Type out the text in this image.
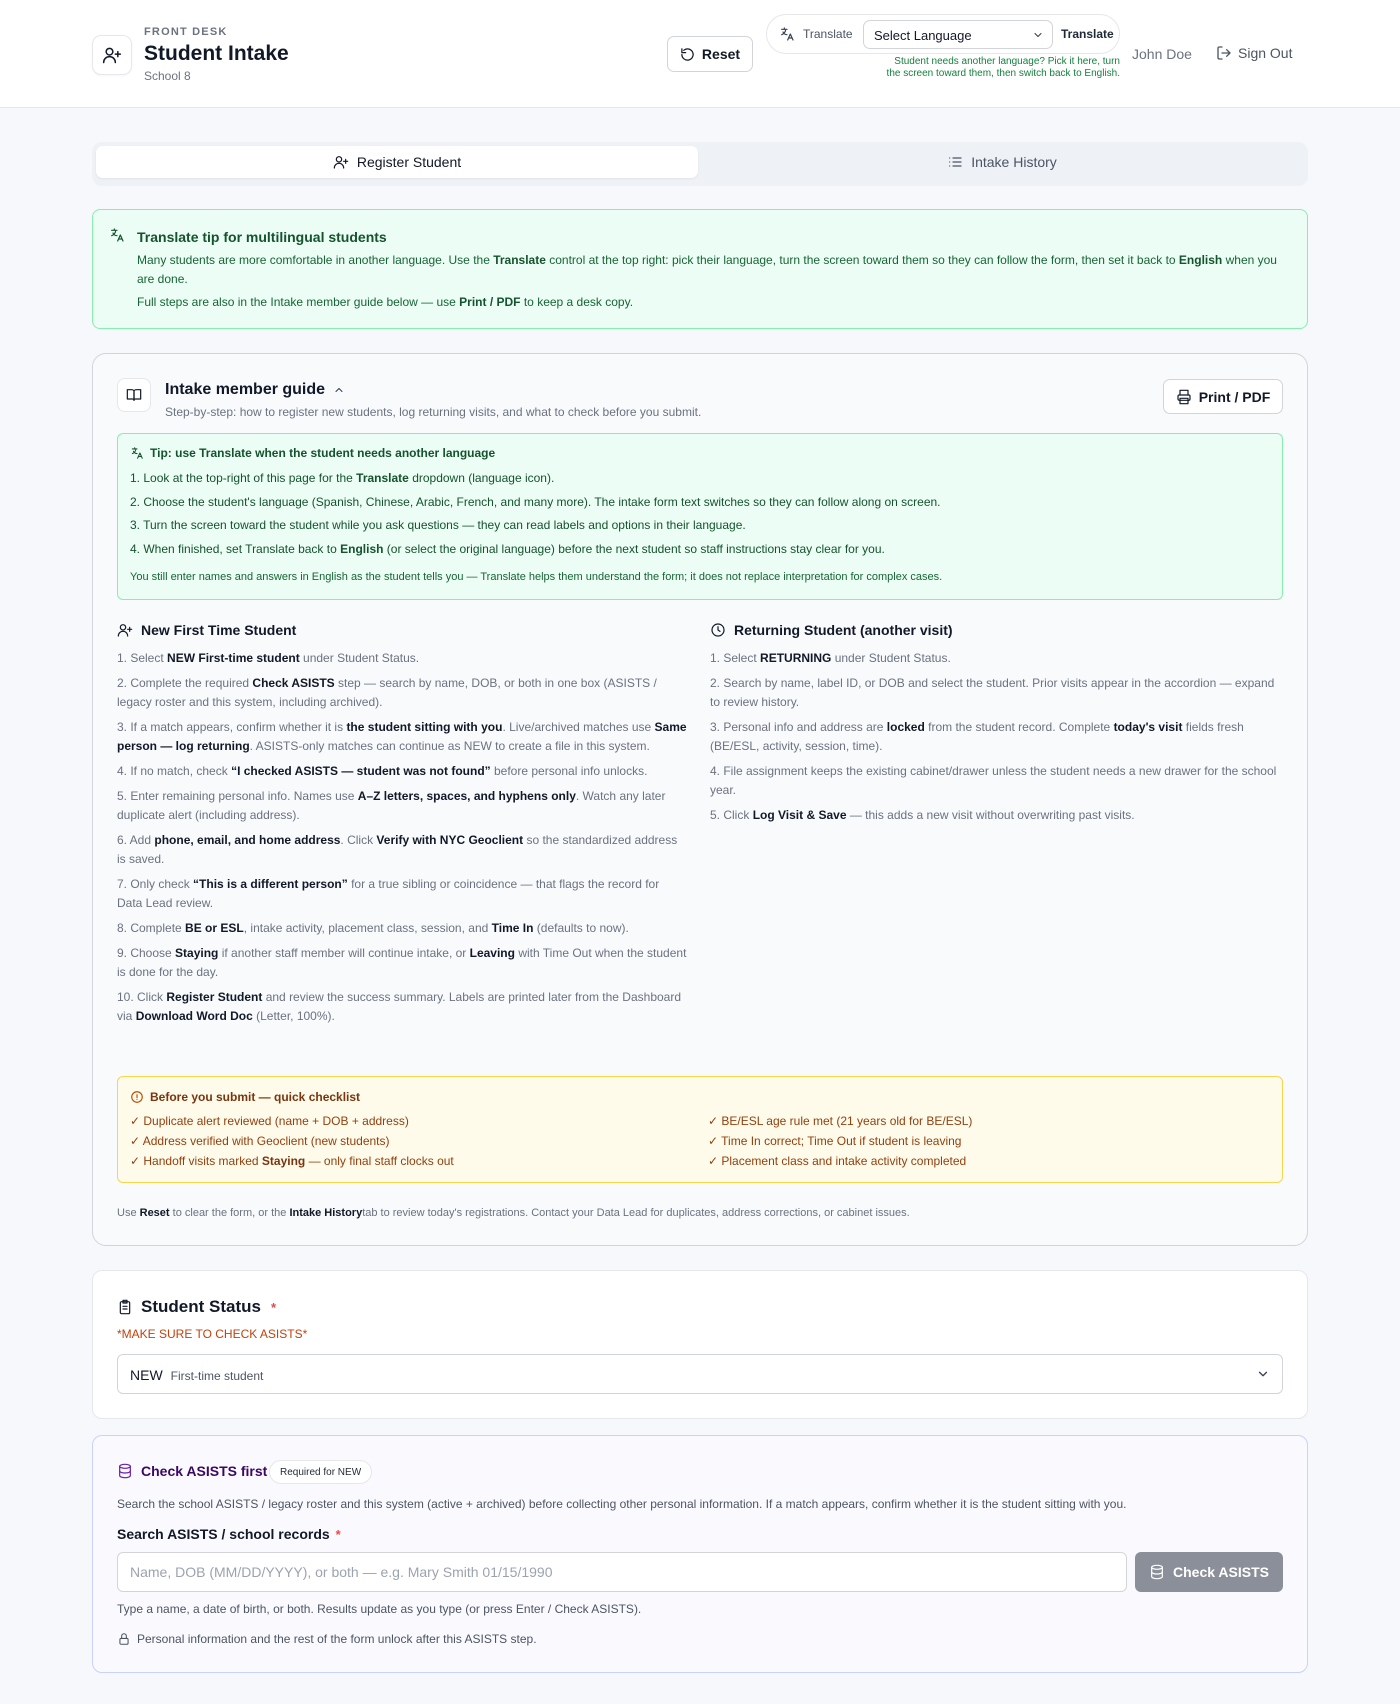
FRONT DESK
Student Intake
School 8
Reset
Translate Select Language	Translate
Student needs another language? Pick it here, turn the screen toward them, then switch back to English.
John Doe	Sign Out
Register Student	Intake History
Translate tip for multilingual students
Many students are more comfortable in another language. Use the Translate control at the top right: pick their language, turn the screen toward them so they can follow the form, then set it back to English when you are done.
Full steps are also in the Intake member guide below — use Print / PDF to keep a desk copy.
Intake member guide
Step-by-step: how to register new students, log returning visits, and what to check before you submit.
Print / PDF
Tip: use Translate when the student needs another language
1. Look at the top-right of this page for the Translate dropdown (language icon).
2. Choose the student's language (Spanish, Chinese, Arabic, French, and many more). The intake form text switches so they can follow along on screen.
3. Turn the screen toward the student while you ask questions — they can read labels and options in their language.
4. When finished, set Translate back to English (or select the original language) before the next student so staff instructions stay clear for you.
You still enter names and answers in English as the student tells you — Translate helps them understand the form; it does not replace interpretation for complex cases.
New First Time Student
1. Select NEW First-time student under Student Status.
2. Complete the required Check ASISTS step — search by name, DOB, or both in one box (ASISTS / legacy roster and this system, including archived).
3. If a match appears, confirm whether it is the student sitting with you. Live/archived matches use Same person — log returning. ASISTS-only matches can continue as NEW to create a file in this system.
4. If no match, check “I checked ASISTS — student was not found” before personal info unlocks.
5. Enter remaining personal info. Names use A–Z letters, spaces, and hyphens only. Watch any later duplicate alert (including address).
6. Add phone, email, and home address. Click Verify with NYC Geoclient so the standardized address is saved.
7. Only check “This is a different person” for a true sibling or coincidence — that flags the record for Data Lead review.
8. Complete BE or ESL, intake activity, placement class, session, and Time In (defaults to now).
9. Choose Staying if another staff member will continue intake, or Leaving with Time Out when the student is done for the day.
10. Click Register Student and review the success summary. Labels are printed later from the Dashboard via Download Word Doc (Letter, 100%).
Returning Student (another visit)
1. Select RETURNING under Student Status.
2. Search by name, label ID, or DOB and select the student. Prior visits appear in the accordion — expand to review history.
3. Personal info and address are locked from the student record. Complete today's visit fields fresh (BE/ESL, activity, session, time).
4. File assignment keeps the existing cabinet/drawer unless the student needs a new drawer for the school year.
5. Click Log Visit & Save — this adds a new visit without overwriting past visits.
Before you submit — quick checklist
✓ Duplicate alert reviewed (name + DOB + address)
✓ Address verified with Geoclient (new students)
✓ Handoff visits marked Staying — only final staff clocks out
✓ BE/ESL age rule met (21 years old for BE/ESL)
✓ Time In correct; Time Out if student is leaving
✓ Placement class and intake activity completed
Use Reset to clear the form, or the Intake Historytab to review today's registrations. Contact your Data Lead for duplicates, address corrections, or cabinet issues.
Student Status *
*MAKE SURE TO CHECK ASISTS*
NEW First-time student
Check ASISTS first	Required for NEW
Search the school ASISTS / legacy roster and this system (active + archived) before collecting other personal information. If a match appears, confirm whether it is the student sitting with you.
Search ASISTS / school records *
Name, DOB (MM/DD/YYYY), or both — e.g. Mary Smith 01/15/1990
Check ASISTS
Type a name, a date of birth, or both. Results update as you type (or press Enter / Check ASISTS).
Personal information and the rest of the form unlock after this ASISTS step.
